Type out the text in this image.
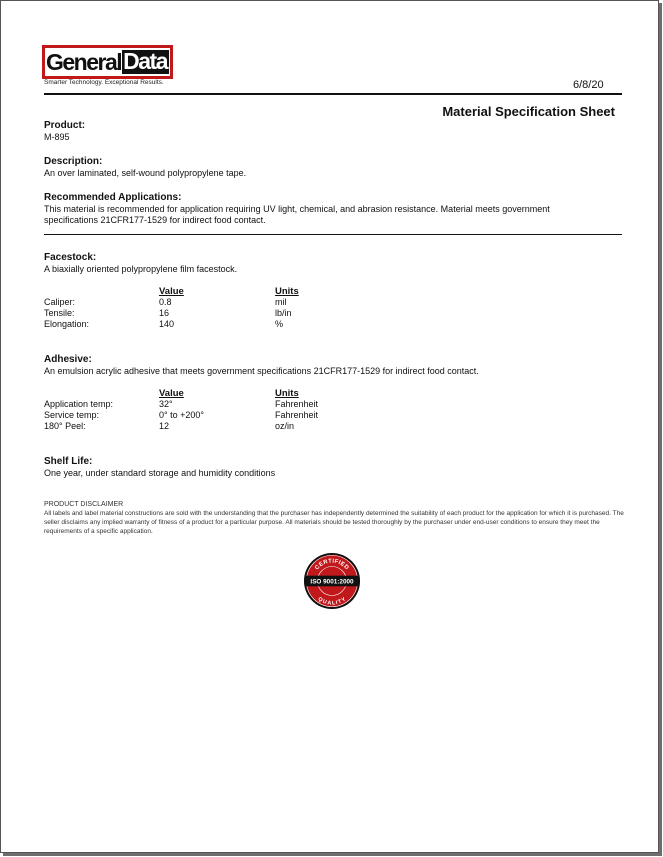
General Data
Smarter Technology. Exceptional Results.	6/8/20
Material Specification Sheet
Product:
M-895
Description:
An over laminated, self-wound polypropylene tape.
Recommended Applications:
This material is recommended for application requiring UV light, chemical, and abrasion resistance. Material meets government specifications 21CFR177-1529 for indirect food contact.
Facestock:
A biaxially oriented polypropylene film facestock.
Value	Units
Caliper:	0.8	mil
Tensile:	16	lb/in
Elongation:	140	%
Adhesive:
An emulsion acrylic adhesive that meets government specifications 21CFR177-1529 for indirect food contact.
Value	Units
Application temp:	32°	Fahrenheit
Service temp:	0° to +200°	Fahrenheit
180° Peel:	12	oz/in
Shelf Life:
One year, under standard storage and humidity conditions
PRODUCT DISCLAIMER
All labels and label material constructions are sold with the understanding that the purchaser has independently determined the suitability of each product for the application for which it is purchased. The seller disclaims any implied warranty of fitness of a product for a particular purpose. All materials should be tested thoroughly by the purchaser under end-user conditions to ensure they meet the requirements of a specific application.
CERTIFIED
ISO 9001:2000
QUALITY
